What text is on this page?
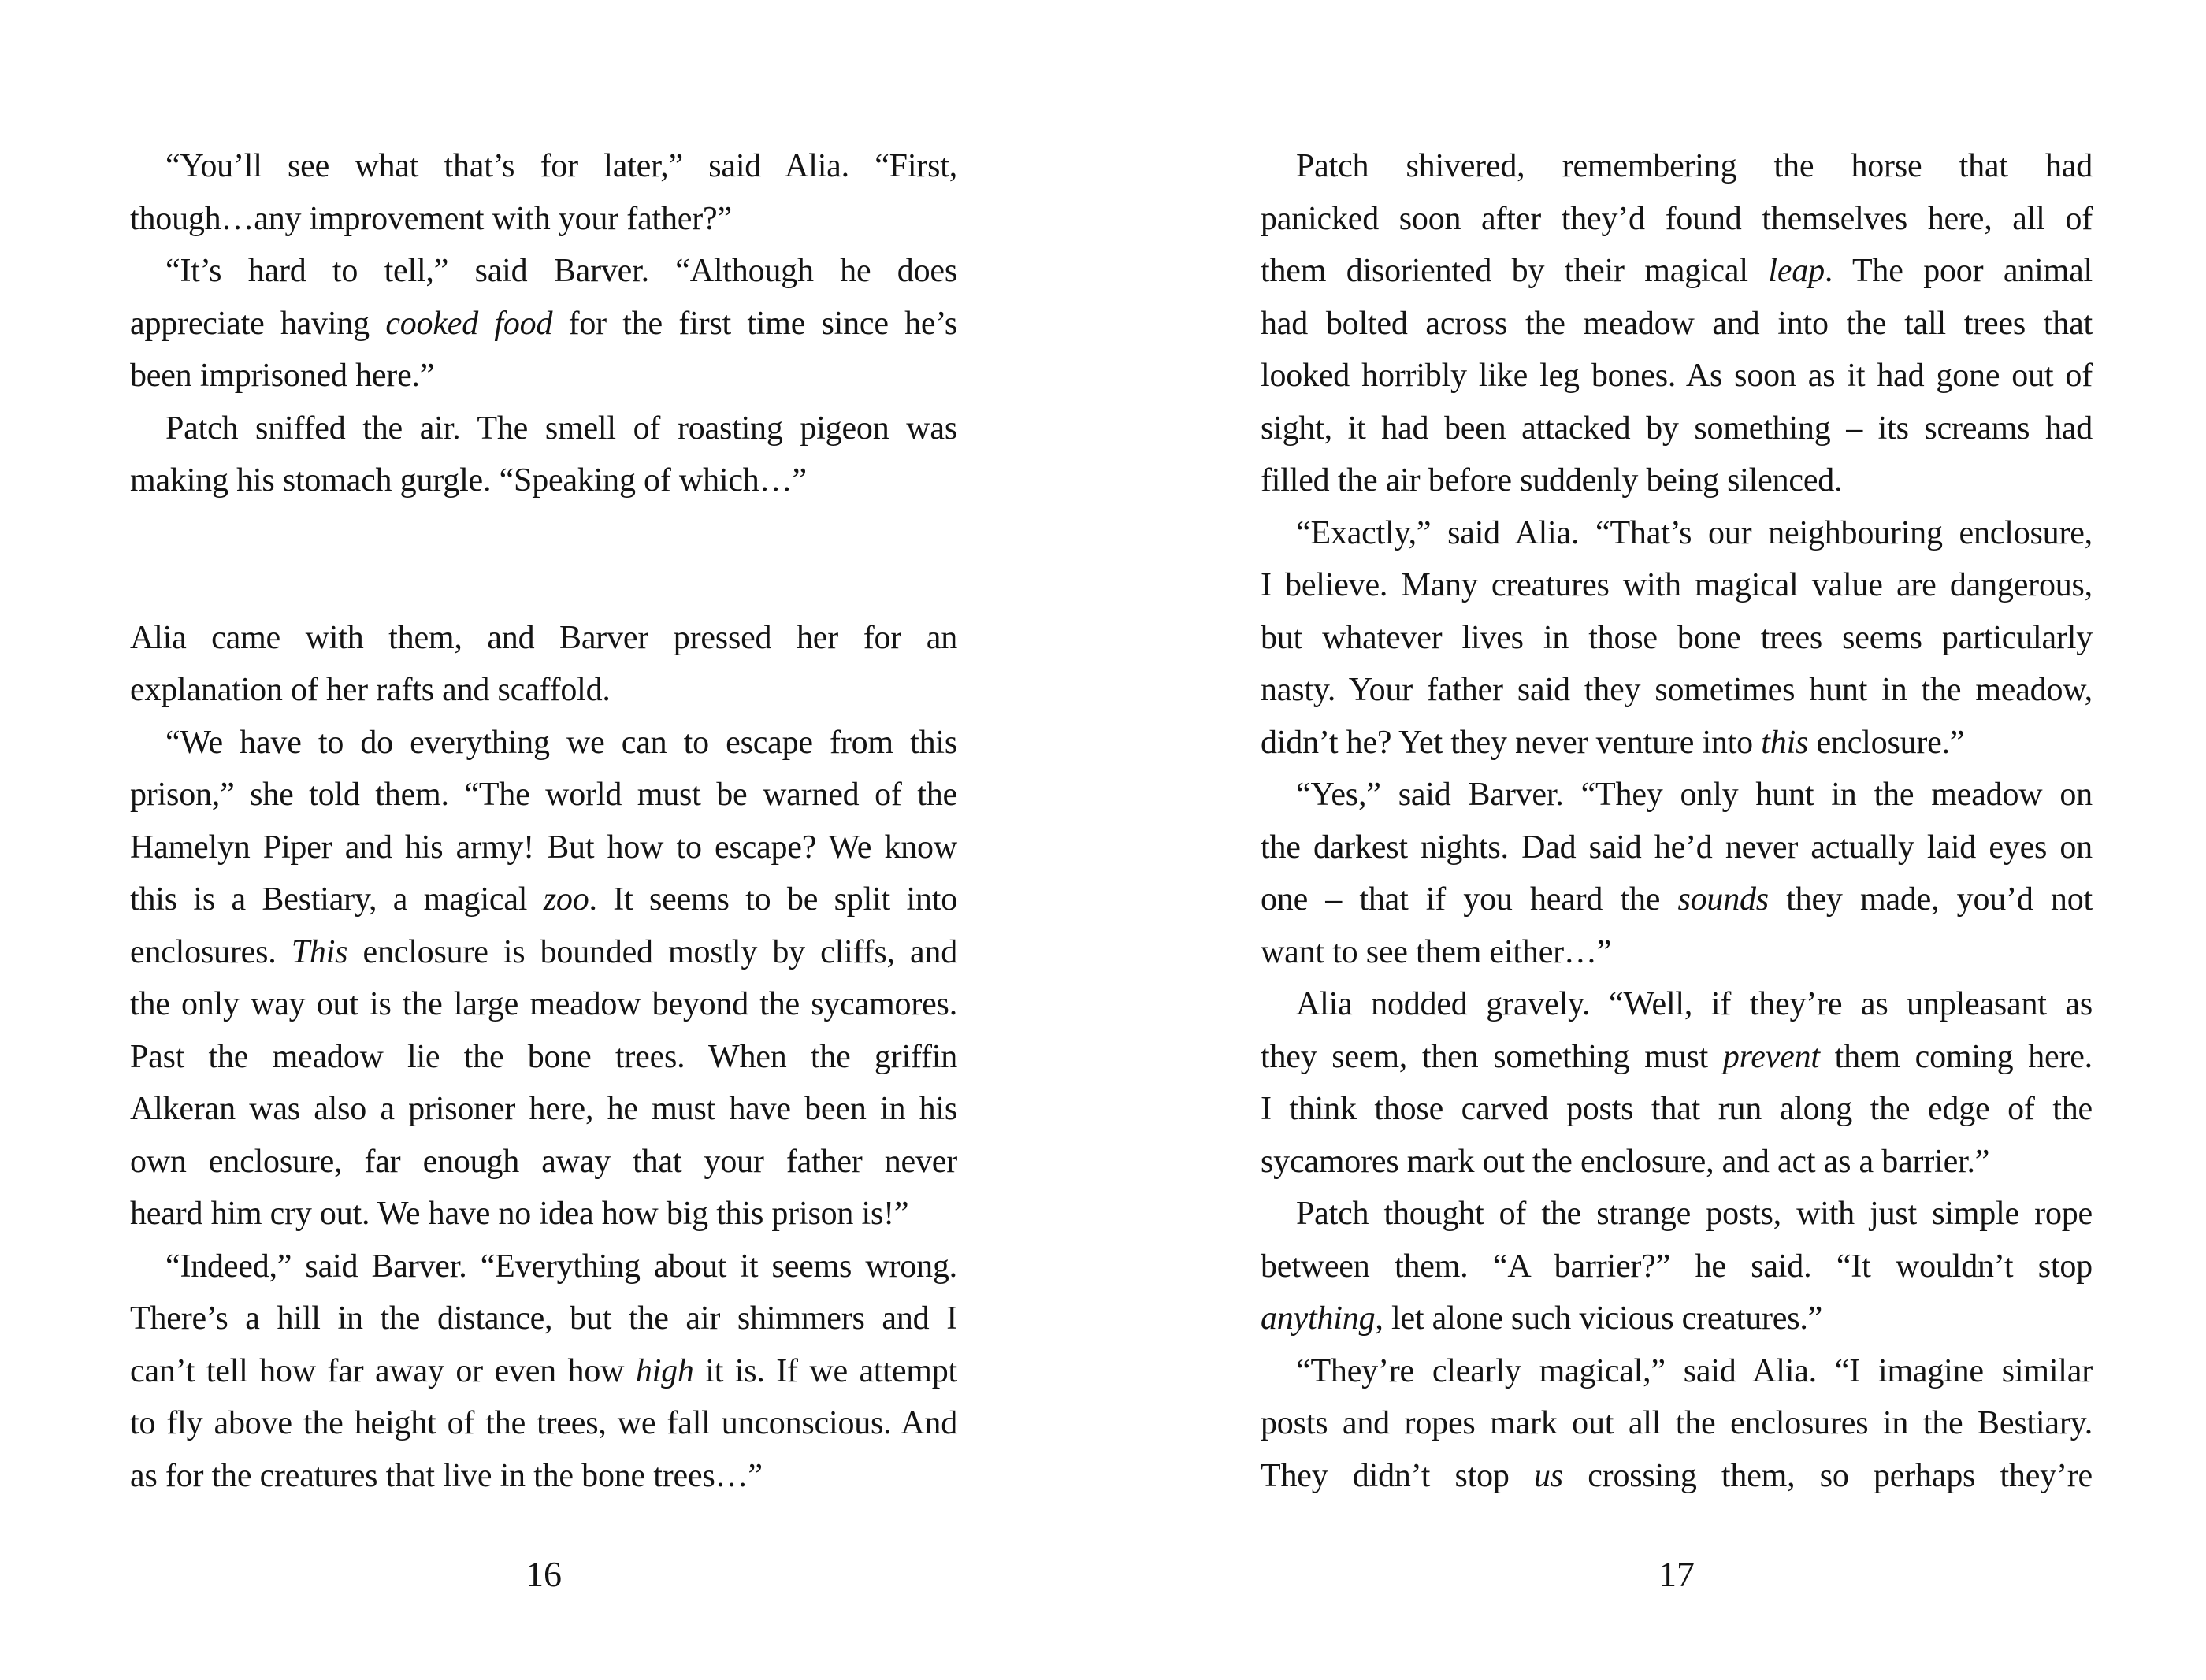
“You’ll see what that’s for later,” said Alia. “First,
though…any improvement with your father?”
“It’s hard to tell,” said Barver. “Although he does
appreciate having cooked food for the first time since he’s
been imprisoned here.”
Patch sniffed the air. The smell of roasting pigeon was
making his stomach gurgle. “Speaking of which…”
Alia came with them, and Barver pressed her for an
explanation of her rafts and scaffold.
“We have to do everything we can to escape from this
prison,” she told them. “The world must be warned of the
Hamelyn Piper and his army! But how to escape? We know
this is a Bestiary, a magical zoo. It seems to be split into
enclosures. This enclosure is bounded mostly by cliffs, and
the only way out is the large meadow beyond the sycamores.
Past the meadow lie the bone trees. When the griffin
Alkeran was also a prisoner here, he must have been in his
own enclosure, far enough away that your father never
heard him cry out. We have no idea how big this prison is!”
“Indeed,” said Barver. “Everything about it seems wrong.
There’s a hill in the distance, but the air shimmers and I
can’t tell how far away or even how high it is. If we attempt
to fly above the height of the trees, we fall unconscious. And
as for the creatures that live in the bone trees…”
16
Patch shivered, remembering the horse that had
panicked soon after they’d found themselves here, all of
them disoriented by their magical leap. The poor animal
had bolted across the meadow and into the tall trees that
looked horribly like leg bones. As soon as it had gone out of
sight, it had been attacked by something – its screams had
filled the air before suddenly being silenced.
“Exactly,” said Alia. “That’s our neighbouring enclosure,
I believe. Many creatures with magical value are dangerous,
but whatever lives in those bone trees seems particularly
nasty. Your father said they sometimes hunt in the meadow,
didn’t he? Yet they never venture into this enclosure.”
“Yes,” said Barver. “They only hunt in the meadow on
the darkest nights. Dad said he’d never actually laid eyes on
one – that if you heard the sounds they made, you’d not
want to see them either…”
Alia nodded gravely. “Well, if they’re as unpleasant as
they seem, then something must prevent them coming here.
I think those carved posts that run along the edge of the
sycamores mark out the enclosure, and act as a barrier.”
Patch thought of the strange posts, with just simple rope
between them. “A barrier?” he said. “It wouldn’t stop
anything, let alone such vicious creatures.”
“They’re clearly magical,” said Alia. “I imagine similar
posts and ropes mark out all the enclosures in the Bestiary.
They didn’t stop us crossing them, so perhaps they’re
17
